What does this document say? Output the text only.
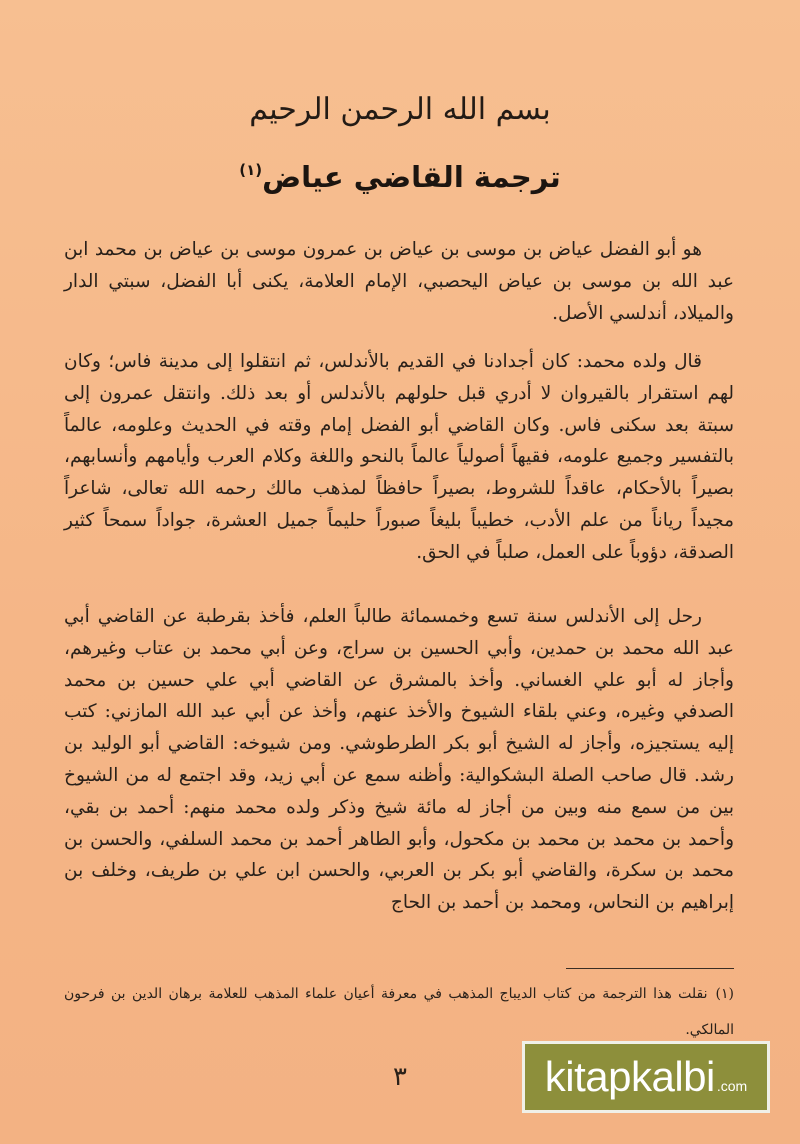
بسم الله الرحمن الرحيم
ترجمة القاضي عياض$^{(١)}$
هو أبو الفضل عياض بن موسى بن عياض بن عمرون موسى بن عياض بن محمد ابن عبد الله بن موسى بن عياض اليحصبي، الإمام العلامة، يكنى أبا الفضل، سبتي الدار والميلاد، أندلسي الأصل.
قال ولده محمد: كان أجدادنا في القديم بالأندلس، ثم انتقلوا إلى مدينة فاس؛ وكان لهم استقرار بالقيروان لا أدري قبل حلولهم بالأندلس أو بعد ذلك. وانتقل عمرون إلى سبتة بعد سكنى فاس. وكان القاضي أبو الفضل إمام وقته في الحديث وعلومه، عالماً بالتفسير وجميع علومه، فقيهاً أصولياً عالماً بالنحو واللغة وكلام العرب وأيامهم وأنسابهم، بصيراً بالأحكام، عاقداً للشروط، بصيراً حافظاً لمذهب مالك رحمه الله تعالى، شاعراً مجيداً رياناً من علم الأدب، خطيباً بليغاً صبوراً حليماً جميل العشرة، جواداً سمحاً كثير الصدقة، دؤوباً على العمل، صلباً في الحق.
رحل إلى الأندلس سنة تسع وخمسمائة طالباً العلم، فأخذ بقرطبة عن القاضي أبي عبد الله محمد بن حمدين، وأبي الحسين بن سراج، وعن أبي محمد بن عتاب وغيرهم، وأجاز له أبو علي الغساني. وأخذ بالمشرق عن القاضي أبي علي حسين بن محمد الصدفي وغيره، وعني بلقاء الشيوخ والأخذ عنهم، وأخذ عن أبي عبد الله المازني: كتب إليه يستجيزه، وأجاز له الشيخ أبو بكر الطرطوشي. ومن شيوخه: القاضي أبو الوليد بن رشد. قال صاحب الصلة البشكوالية: وأظنه سمع عن أبي زيد، وقد اجتمع له من الشيوخ بين من سمع منه وبين من أجاز له مائة شيخ وذكر ولده محمد منهم: أحمد بن بقي، وأحمد بن محمد بن محمد بن مكحول، وأبو الطاهر أحمد بن محمد السلفي، والحسن بن محمد بن سكرة، والقاضي أبو بكر بن العربي، والحسن ابن علي بن طريف، وخلف بن إبراهيم بن النحاس، ومحمد بن أحمد بن الحاج
(١)نقلت هذا الترجمة من كتاب الديباج المذهب في معرفة أعيان علماء المذهب للعلامة برهان الدين بن فرحون المالكي.
٣	kitapkalbi .com
